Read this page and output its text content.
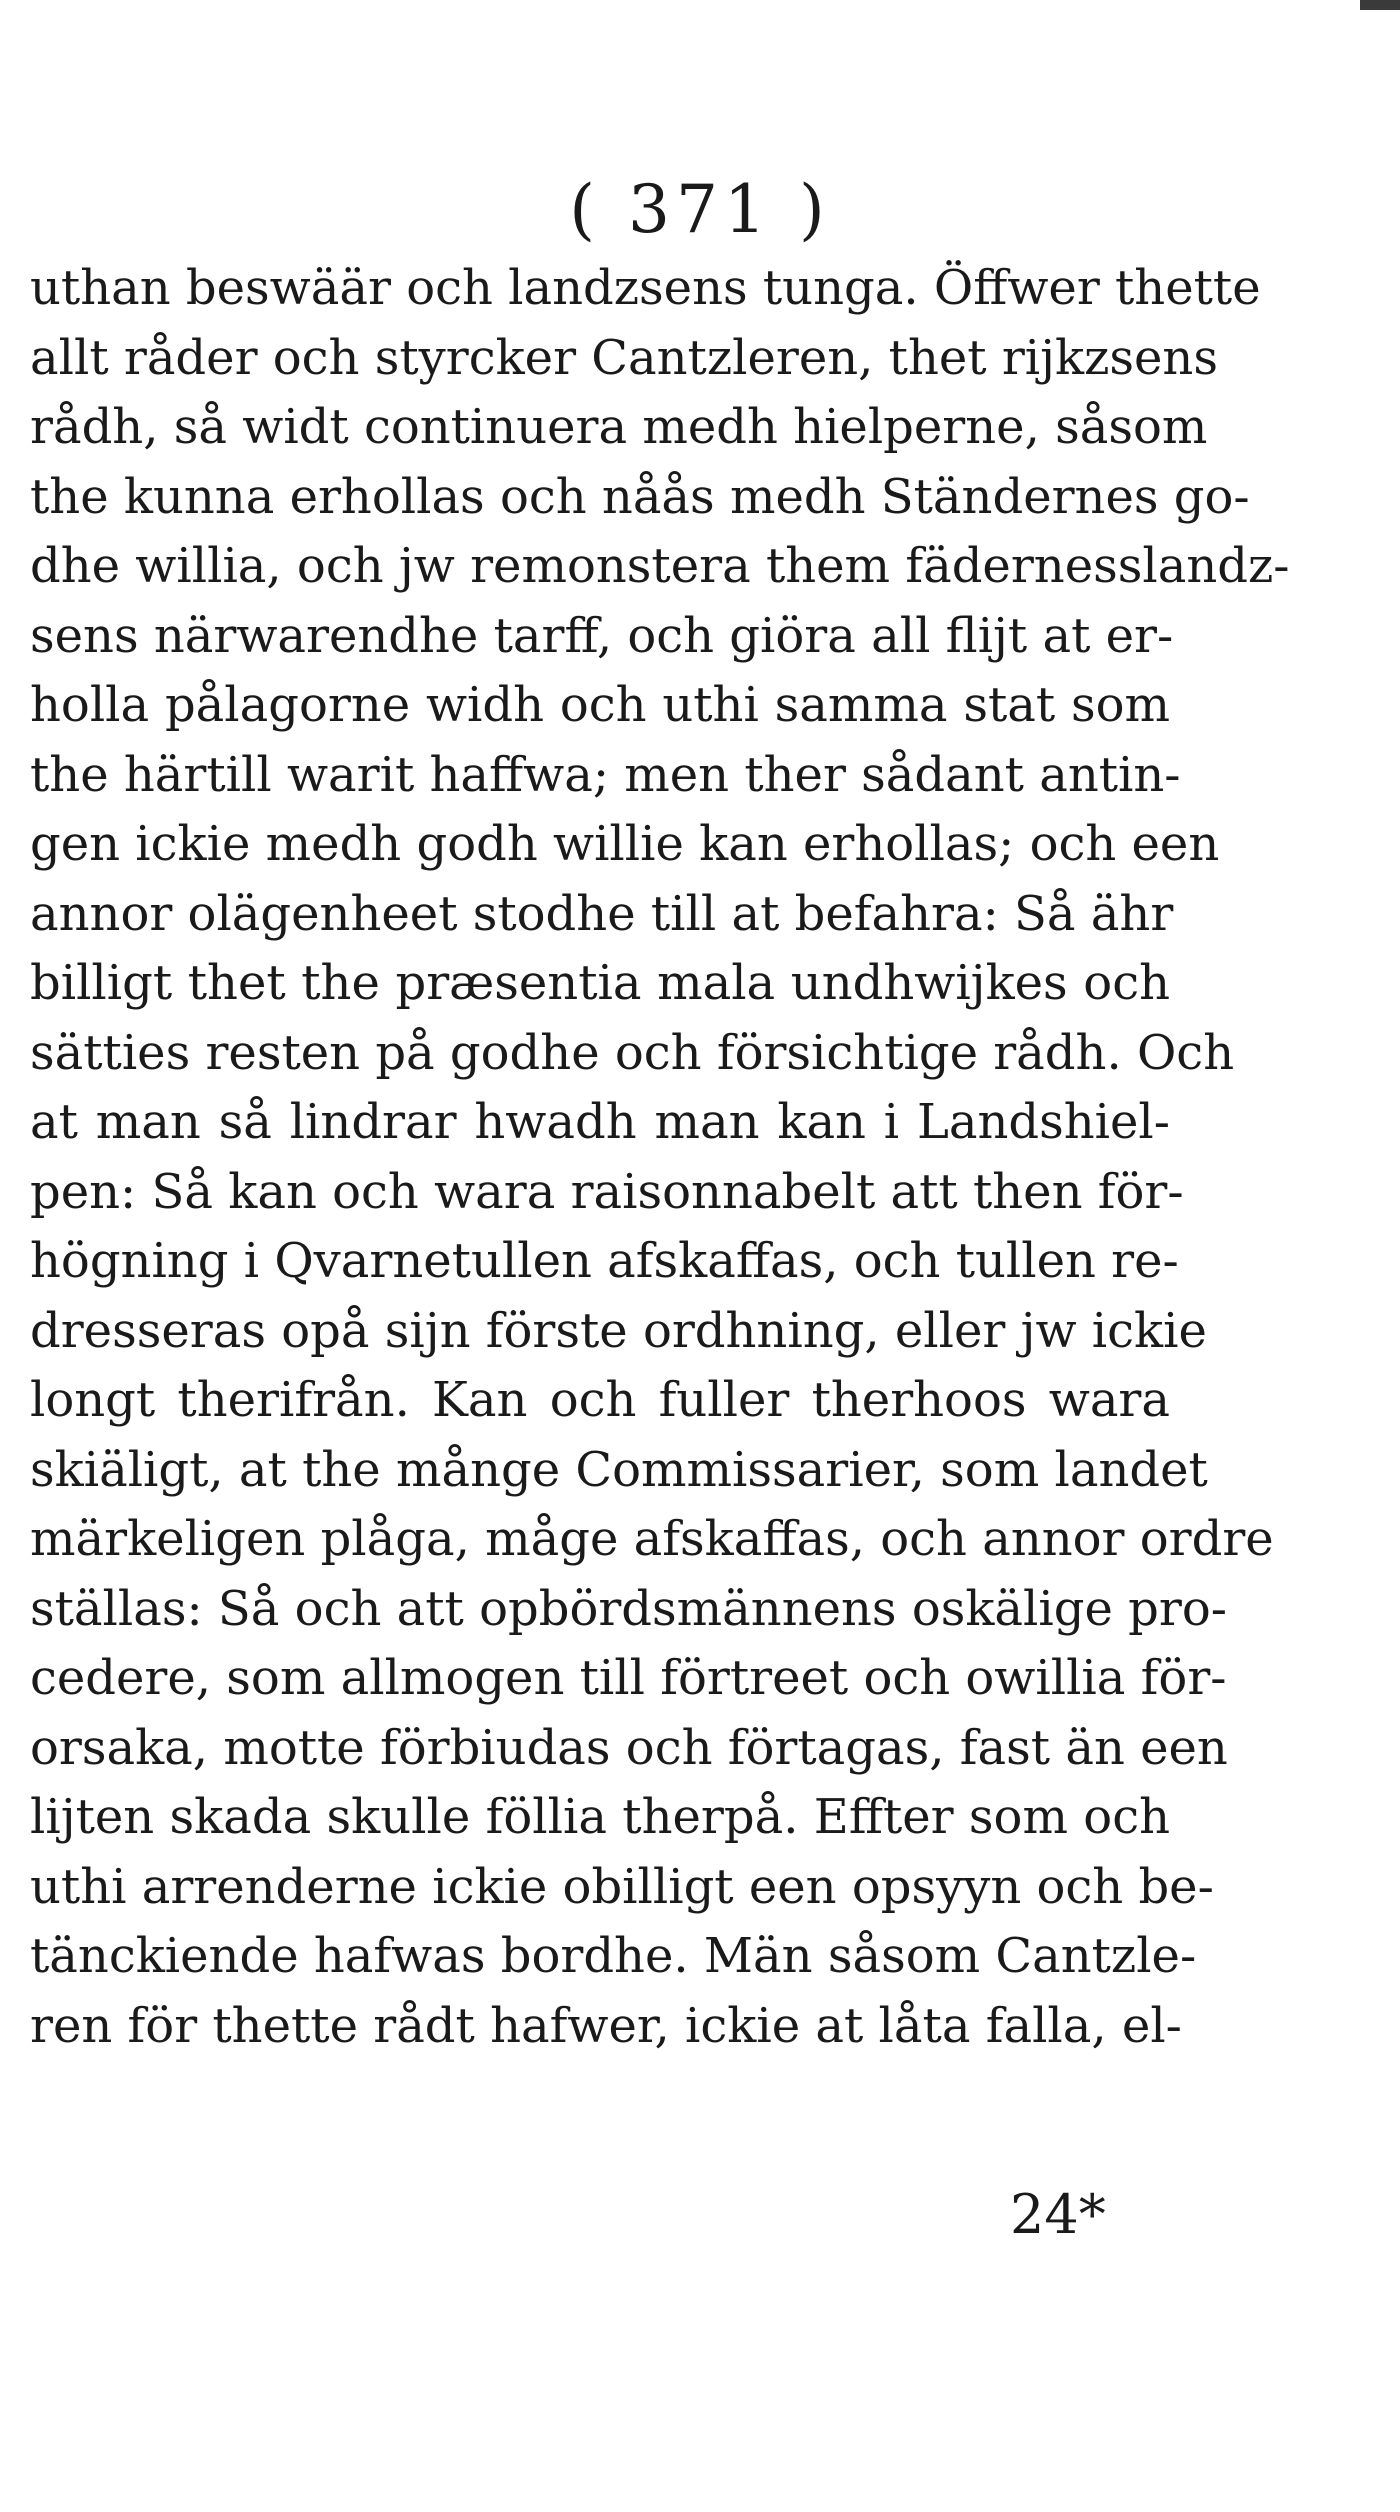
( 371 )
uthan beswäär och landzsens tunga. Öffwer thette
allt råder och styrcker Cantzleren, thet rijkzsens
rådh, så widt continuera medh hielperne, såsom
the kunna erhollas och nåås medh Ständernes go-
dhe willia, och jw remonstera them fädernesslandz-
sens närwarendhe tarff, och giöra all flijt at er-
holla pålagorne widh och uthi samma stat som
the härtill warit haffwa; men ther sådant antin-
gen ickie medh godh willie kan erhollas; och een
annor olägenheet stodhe till at befahra: Så ähr
billigt thet the præsentia mala undhwijkes och
sätties resten på godhe och försichtige rådh. Och
at man så lindrar hwadh man kan i Landshiel-
pen: Så kan och wara raisonnabelt att then för-
högning i Qvarnetullen afskaffas, och tullen re-
dresseras opå sijn förste ordhning, eller jw ickie
longt therifrån. Kan och fuller therhoos wara
skiäligt, at the månge Commissarier, som landet
märkeligen plåga, måge afskaffas, och annor ordre
ställas: Så och att opbördsmännens oskälige pro-
cedere, som allmogen till förtreet och owillia för-
orsaka, motte förbiudas och förtagas, fast än een
lijten skada skulle föllia therpå. Effter som och
uthi arrenderne ickie obilligt een opsyyn och be-
tänckiende hafwas bordhe. Män såsom Cantzle-
ren för thette rådt hafwer, ickie at låta falla, el-
24*
